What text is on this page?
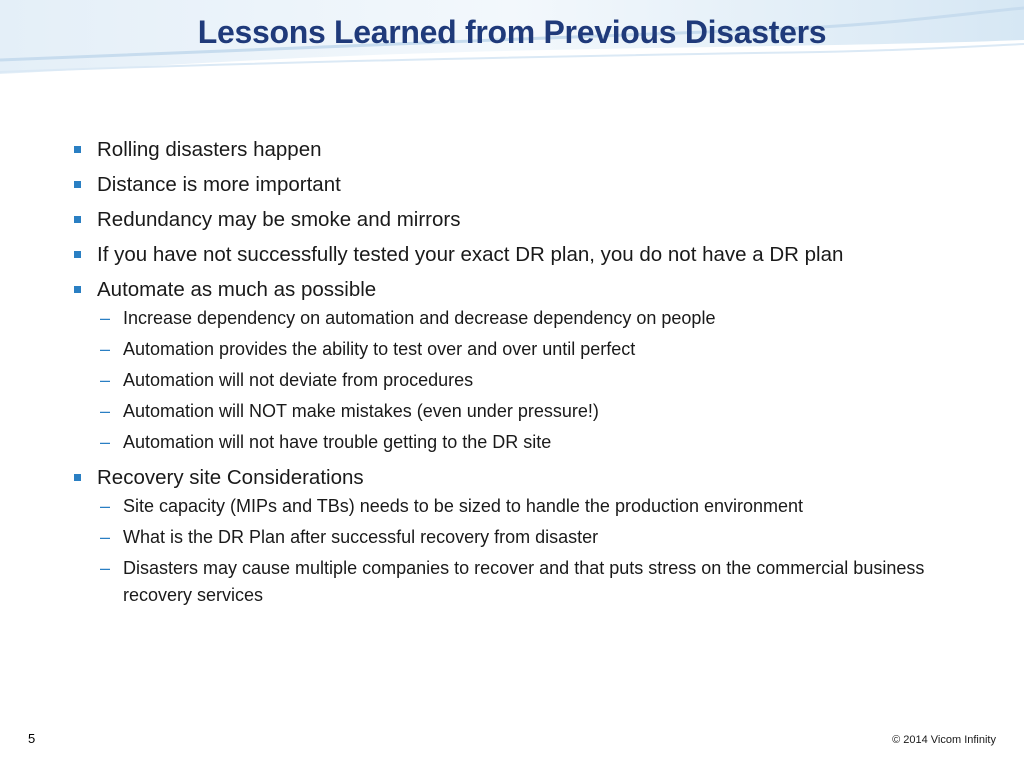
Lessons Learned from Previous Disasters
Rolling disasters happen
Distance is more important
Redundancy may be smoke and mirrors
If you have not successfully tested your exact DR plan, you do not have a DR plan
Automate as much as possible
– Increase dependency on automation and decrease dependency on people
– Automation provides the ability to test over and over until perfect
– Automation will not deviate from procedures
– Automation will NOT make mistakes (even under pressure!)
– Automation will not have trouble getting to the DR site
Recovery site Considerations
– Site capacity (MIPs and TBs) needs to be sized to handle the production environment
– What is the DR Plan after successful recovery from disaster
– Disasters may cause multiple companies to recover and that puts stress on the commercial business recovery services
5	© 2014 Vicom Infinity
